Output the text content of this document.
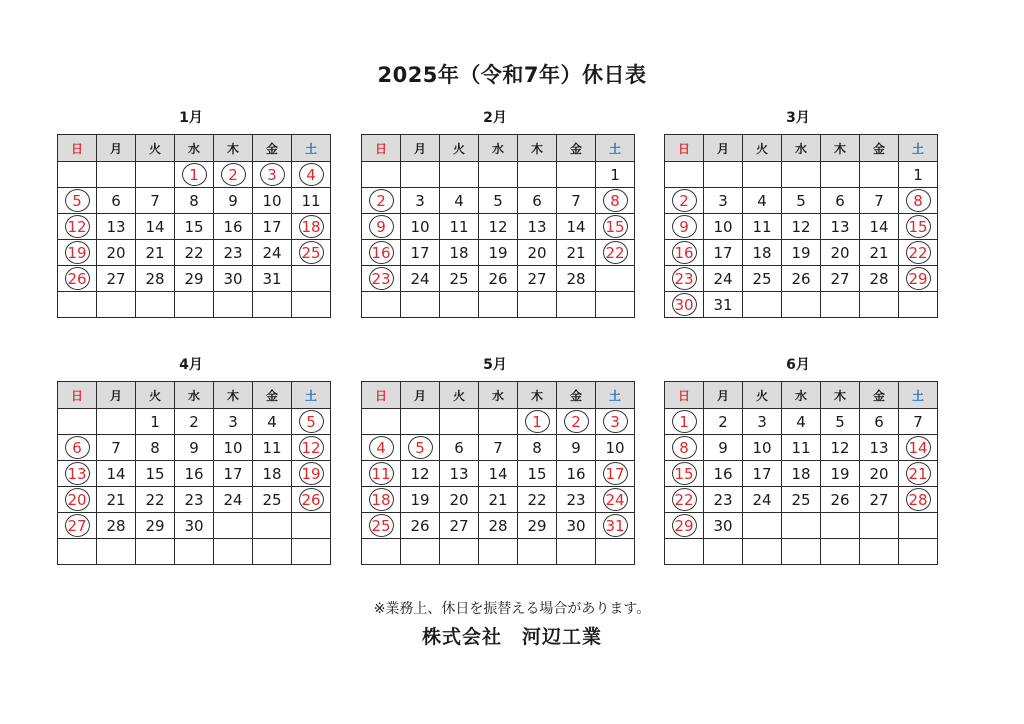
2025年（令和7年）休日表
1月
日	月	火	水	木	金	土
			1	2	3	4
5	6	7	8	9	10	11
12	13	14	15	16	17	18
19	20	21	22	23	24	25
26	27	28	29	30	31	

2月
日	月	火	水	木	金	土
						1
2	3	4	5	6	7	8
9	10	11	12	13	14	15
16	17	18	19	20	21	22
23	24	25	26	27	28	

3月
日	月	火	水	木	金	土
						1
2	3	4	5	6	7	8
9	10	11	12	13	14	15
16	17	18	19	20	21	22
23	24	25	26	27	28	29
30	31					
4月
日	月	火	水	木	金	土
		1	2	3	4	5
6	7	8	9	10	11	12
13	14	15	16	17	18	19
20	21	22	23	24	25	26
27	28	29	30			

5月
日	月	火	水	木	金	土
				1	2	3
4	5	6	7	8	9	10
11	12	13	14	15	16	17
18	19	20	21	22	23	24
25	26	27	28	29	30	31

6月
日	月	火	水	木	金	土
1	2	3	4	5	6	7
8	9	10	11	12	13	14
15	16	17	18	19	20	21
22	23	24	25	26	27	28
29	30					

※業務上、休日を振替える場合があります。
株式会社　河辺工業
